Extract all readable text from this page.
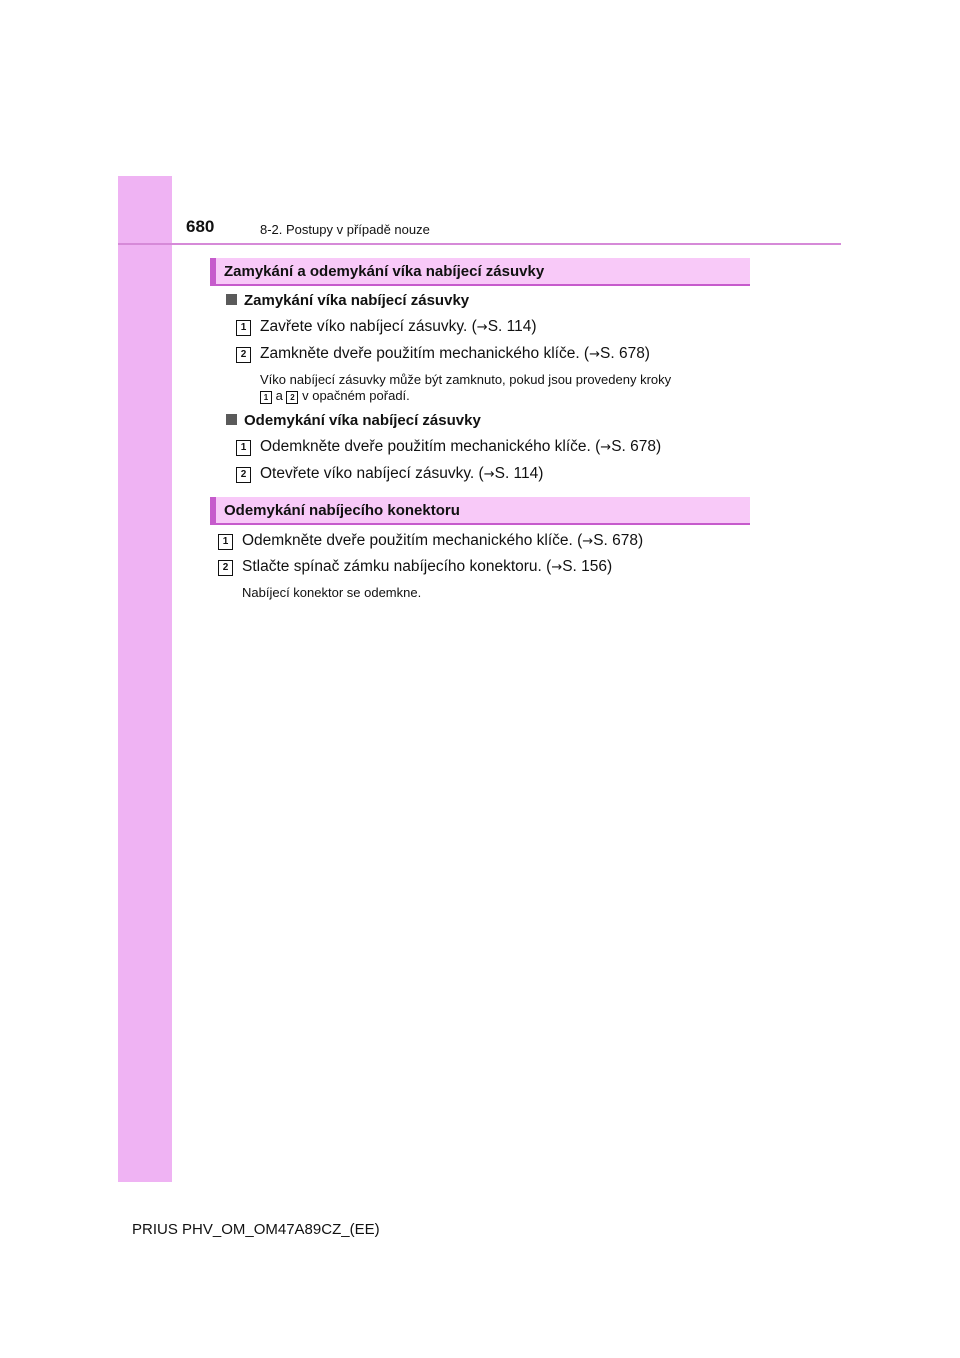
680	8-2. Postupy v případě nouze
Zamykání a odemykání víka nabíjecí zásuvky
Zamykání víka nabíjecí zásuvky
1 Zavřete víko nabíjecí zásuvky. (→S. 114)
2 Zamkněte dveře použitím mechanického klíče. (→S. 678)
Víko nabíjecí zásuvky může být zamknuto, pokud jsou provedeny kroky
1 a 2 v opačném pořadí.
Odemykání víka nabíjecí zásuvky
1 Odemkněte dveře použitím mechanického klíče. (→S. 678)
2 Otevřete víko nabíjecí zásuvky. (→S. 114)
Odemykání nabíjecího konektoru
1 Odemkněte dveře použitím mechanického klíče. (→S. 678)
2 Stlačte spínač zámku nabíjecího konektoru. (→S. 156)
Nabíjecí konektor se odemkne.
PRIUS PHV_OM_OM47A89CZ_(EE)
